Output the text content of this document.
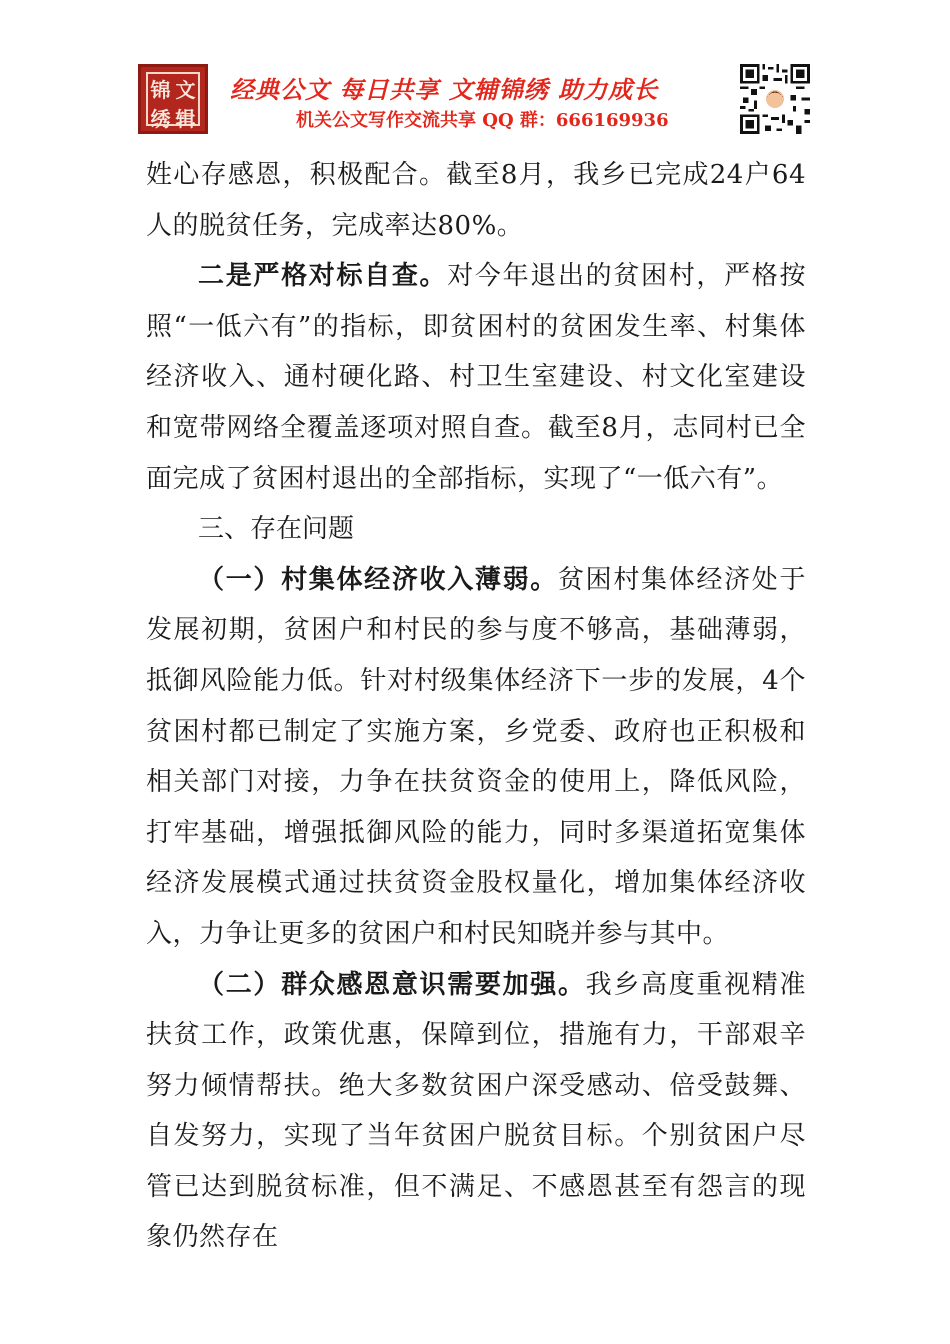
锦 文
绣 辑
经典公文 每日共享 文辅锦绣 助力成长
机关公文写作交流共享 QQ 群：666169936

姓心存感恩，积极配合。截至8月，我乡已完成24户64人的脱贫任务，完成率达80%。

二是严格对标自查。对今年退出的贫困村，严格按照“一低六有”的指标，即贫困村的贫困发生率、村集体经济收入、通村硬化路、村卫生室建设、村文化室建设和宽带网络全覆盖逐项对照自查。截至8月，志同村已全面完成了贫困村退出的全部指标，实现了“一低六有”。

三、存在问题

（一）村集体经济收入薄弱。贫困村集体经济处于发展初期，贫困户和村民的参与度不够高，基础薄弱，抵御风险能力低。针对村级集体经济下一步的发展，4个贫困村都已制定了实施方案，乡党委、政府也正积极和相关部门对接，力争在扶贫资金的使用上，降低风险，打牢基础，增强抵御风险的能力，同时多渠道拓宽集体经济发展模式通过扶贫资金股权量化，增加集体经济收入，力争让更多的贫困户和村民知晓并参与其中。

（二）群众感恩意识需要加强。我乡高度重视精准扶贫工作，政策优惠，保障到位，措施有力，干部艰辛努力倾情帮扶。绝大多数贫困户深受感动、倍受鼓舞、自发努力，实现了当年贫困户脱贫目标。个别贫困户尽管已达到脱贫标准，但不满足、不感恩甚至有怨言的现象仍然存在
